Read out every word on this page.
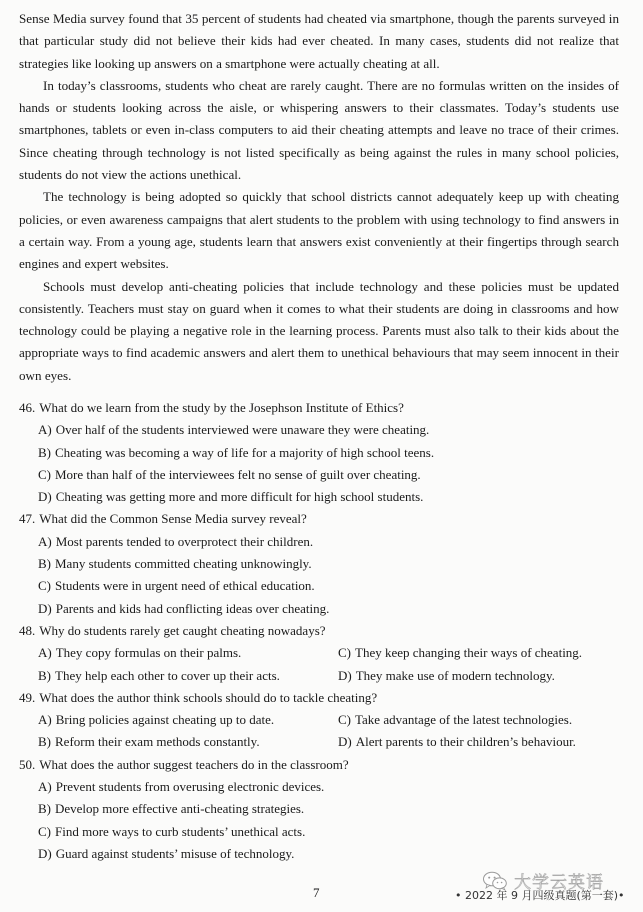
Sense Media survey found that 35 percent of students had cheated via smartphone, though the parents surveyed in that particular study did not believe their kids had ever cheated. In many cases, students did not realize that strategies like looking up answers on a smartphone were actually cheating at all.

In today’s classrooms, students who cheat are rarely caught. There are no formulas written on the insides of hands or students looking across the aisle, or whispering answers to their classmates. Today’s students use smartphones, tablets or even in-class computers to aid their cheating attempts and leave no trace of their crimes. Since cheating through technology is not listed specifically as being against the rules in many school policies, students do not view the actions unethical.

The technology is being adopted so quickly that school districts cannot adequately keep up with cheating policies, or even awareness campaigns that alert students to the problem with using technology to find answers in a certain way. From a young age, students learn that answers exist conveniently at their fingertips through search engines and expert websites.

Schools must develop anti-cheating policies that include technology and these policies must be updated consistently. Teachers must stay on guard when it comes to what their students are doing in classrooms and how technology could be playing a negative role in the learning process. Parents must also talk to their kids about the appropriate ways to find academic answers and alert them to unethical behaviours that may seem innocent in their own eyes.

46. What do we learn from the study by the Josephson Institute of Ethics?
A) Over half of the students interviewed were unaware they were cheating.
B) Cheating was becoming a way of life for a majority of high school teens.
C) More than half of the interviewees felt no sense of guilt over cheating.
D) Cheating was getting more and more difficult for high school students.
47. What did the Common Sense Media survey reveal?
A) Most parents tended to overprotect their children.
B) Many students committed cheating unknowingly.
C) Students were in urgent need of ethical education.
D) Parents and kids had conflicting ideas over cheating.
48. Why do students rarely get caught cheating nowadays?
A) They copy formulas on their palms.	C) They keep changing their ways of cheating.
B) They help each other to cover up their acts.	D) They make use of modern technology.
49. What does the author think schools should do to tackle cheating?
A) Bring policies against cheating up to date.	C) Take advantage of the latest technologies.
B) Reform their exam methods constantly.	D) Alert parents to their children’s behaviour.
50. What does the author suggest teachers do in the classroom?
A) Prevent students from overusing electronic devices.
B) Develop more effective anti-cheating strategies.
C) Find more ways to curb students’ unethical acts.
D) Guard against students’ misuse of technology.
大学云英语
7	• 2022 年 9 月四级真题(第一套)•
